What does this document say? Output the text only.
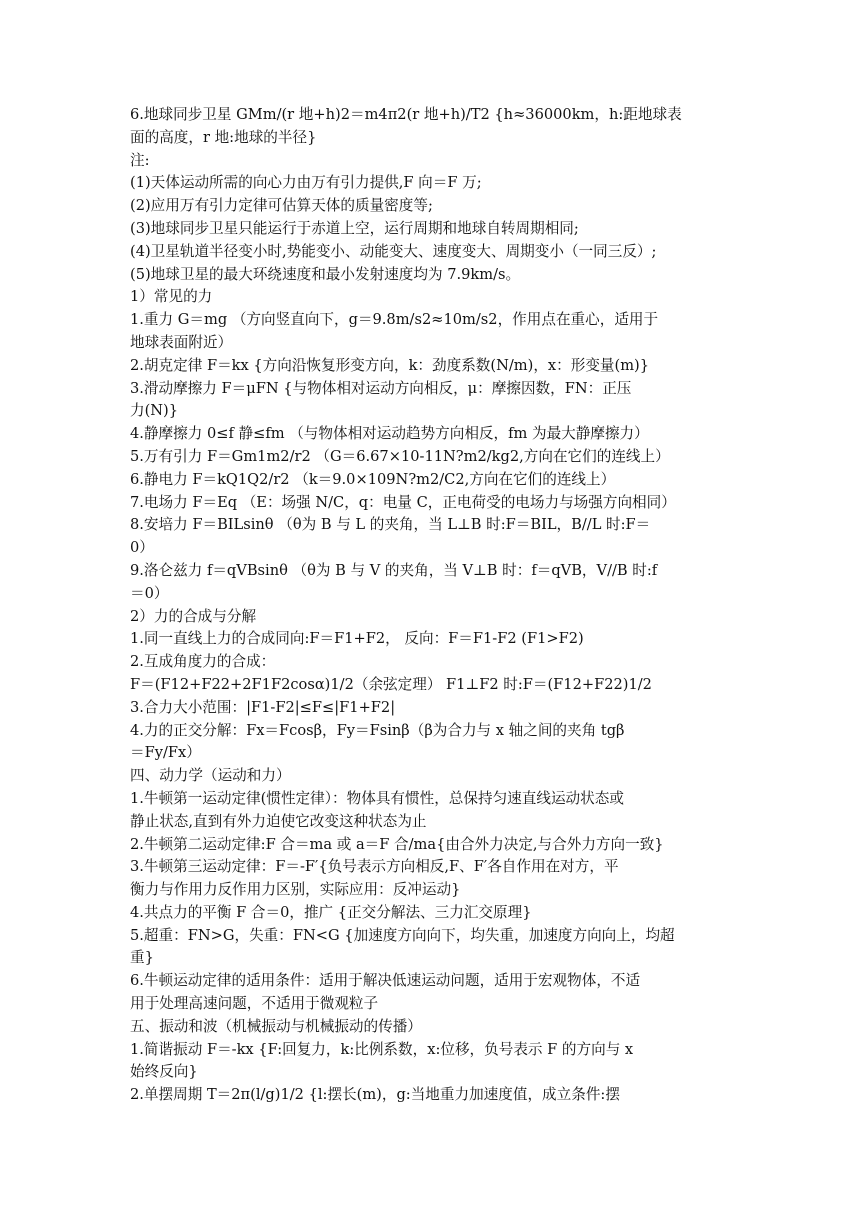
6.地球同步卫星 GMm/(r 地+h)2＝m4π2(r 地+h)/T2 {h≈36000km，h:距地球表
面的高度，r 地:地球的半径}
注:
(1)天体运动所需的向心力由万有引力提供,F 向＝F 万;
(2)应用万有引力定律可估算天体的质量密度等;
(3)地球同步卫星只能运行于赤道上空，运行周期和地球自转周期相同;
(4)卫星轨道半径变小时,势能变小、动能变大、速度变大、周期变小（一同三反）;
(5)地球卫星的最大环绕速度和最小发射速度均为 7.9km/s。
1）常见的力
1.重力 G＝mg （方向竖直向下，g＝9.8m/s2≈10m/s2，作用点在重心，适用于
地球表面附近）
2.胡克定律 F＝kx {方向沿恢复形变方向，k：劲度系数(N/m)，x：形变量(m)}
3.滑动摩擦力 F＝μFN {与物体相对运动方向相反，μ：摩擦因数，FN：正压
力(N)}
4.静摩擦力 0≤f 静≤fm （与物体相对运动趋势方向相反，fm 为最大静摩擦力）
5.万有引力 F＝Gm1m2/r2 （G＝6.67×10-11N?m2/kg2,方向在它们的连线上）
6.静电力 F＝kQ1Q2/r2 （k＝9.0×109N?m2/C2,方向在它们的连线上）
7.电场力 F＝Eq （E：场强 N/C，q：电量 C，正电荷受的电场力与场强方向相同）
8.安培力 F＝BILsinθ （θ为 B 与 L 的夹角，当 L⊥B 时:F＝BIL，B//L 时:F＝
0）
9.洛仑兹力 f＝qVBsinθ （θ为 B 与 V 的夹角，当 V⊥B 时：f＝qVB，V//B 时:f
＝0）
2）力的合成与分解
1.同一直线上力的合成同向:F＝F1+F2， 反向：F＝F1-F2 (F1>F2)
2.互成角度力的合成：
F＝(F12+F22+2F1F2cosα)1/2（余弦定理） F1⊥F2 时:F＝(F12+F22)1/2
3.合力大小范围：|F1-F2|≤F≤|F1+F2|
4.力的正交分解：Fx＝Fcosβ，Fy＝Fsinβ（β为合力与 x 轴之间的夹角 tgβ
＝Fy/Fx）
四、动力学（运动和力）
1.牛顿第一运动定律(惯性定律）：物体具有惯性，总保持匀速直线运动状态或
静止状态,直到有外力迫使它改变这种状态为止
2.牛顿第二运动定律:F 合＝ma 或 a＝F 合/ma{由合外力决定,与合外力方向一致}
3.牛顿第三运动定律：F＝-F′{负号表示方向相反,F、F′各自作用在对方，平
衡力与作用力反作用力区别，实际应用：反冲运动}
4.共点力的平衡 F 合＝0，推广 {正交分解法、三力汇交原理}
5.超重：FN>G，失重：FN<G {加速度方向向下，均失重，加速度方向向上，均超
重}
6.牛顿运动定律的适用条件：适用于解决低速运动问题，适用于宏观物体，不适
用于处理高速问题，不适用于微观粒子
五、振动和波（机械振动与机械振动的传播）
1.简谐振动 F＝-kx {F:回复力，k:比例系数，x:位移，负号表示 F 的方向与 x
始终反向}
2.单摆周期 T＝2π(l/g)1/2 {l:摆长(m)，g:当地重力加速度值，成立条件:摆
